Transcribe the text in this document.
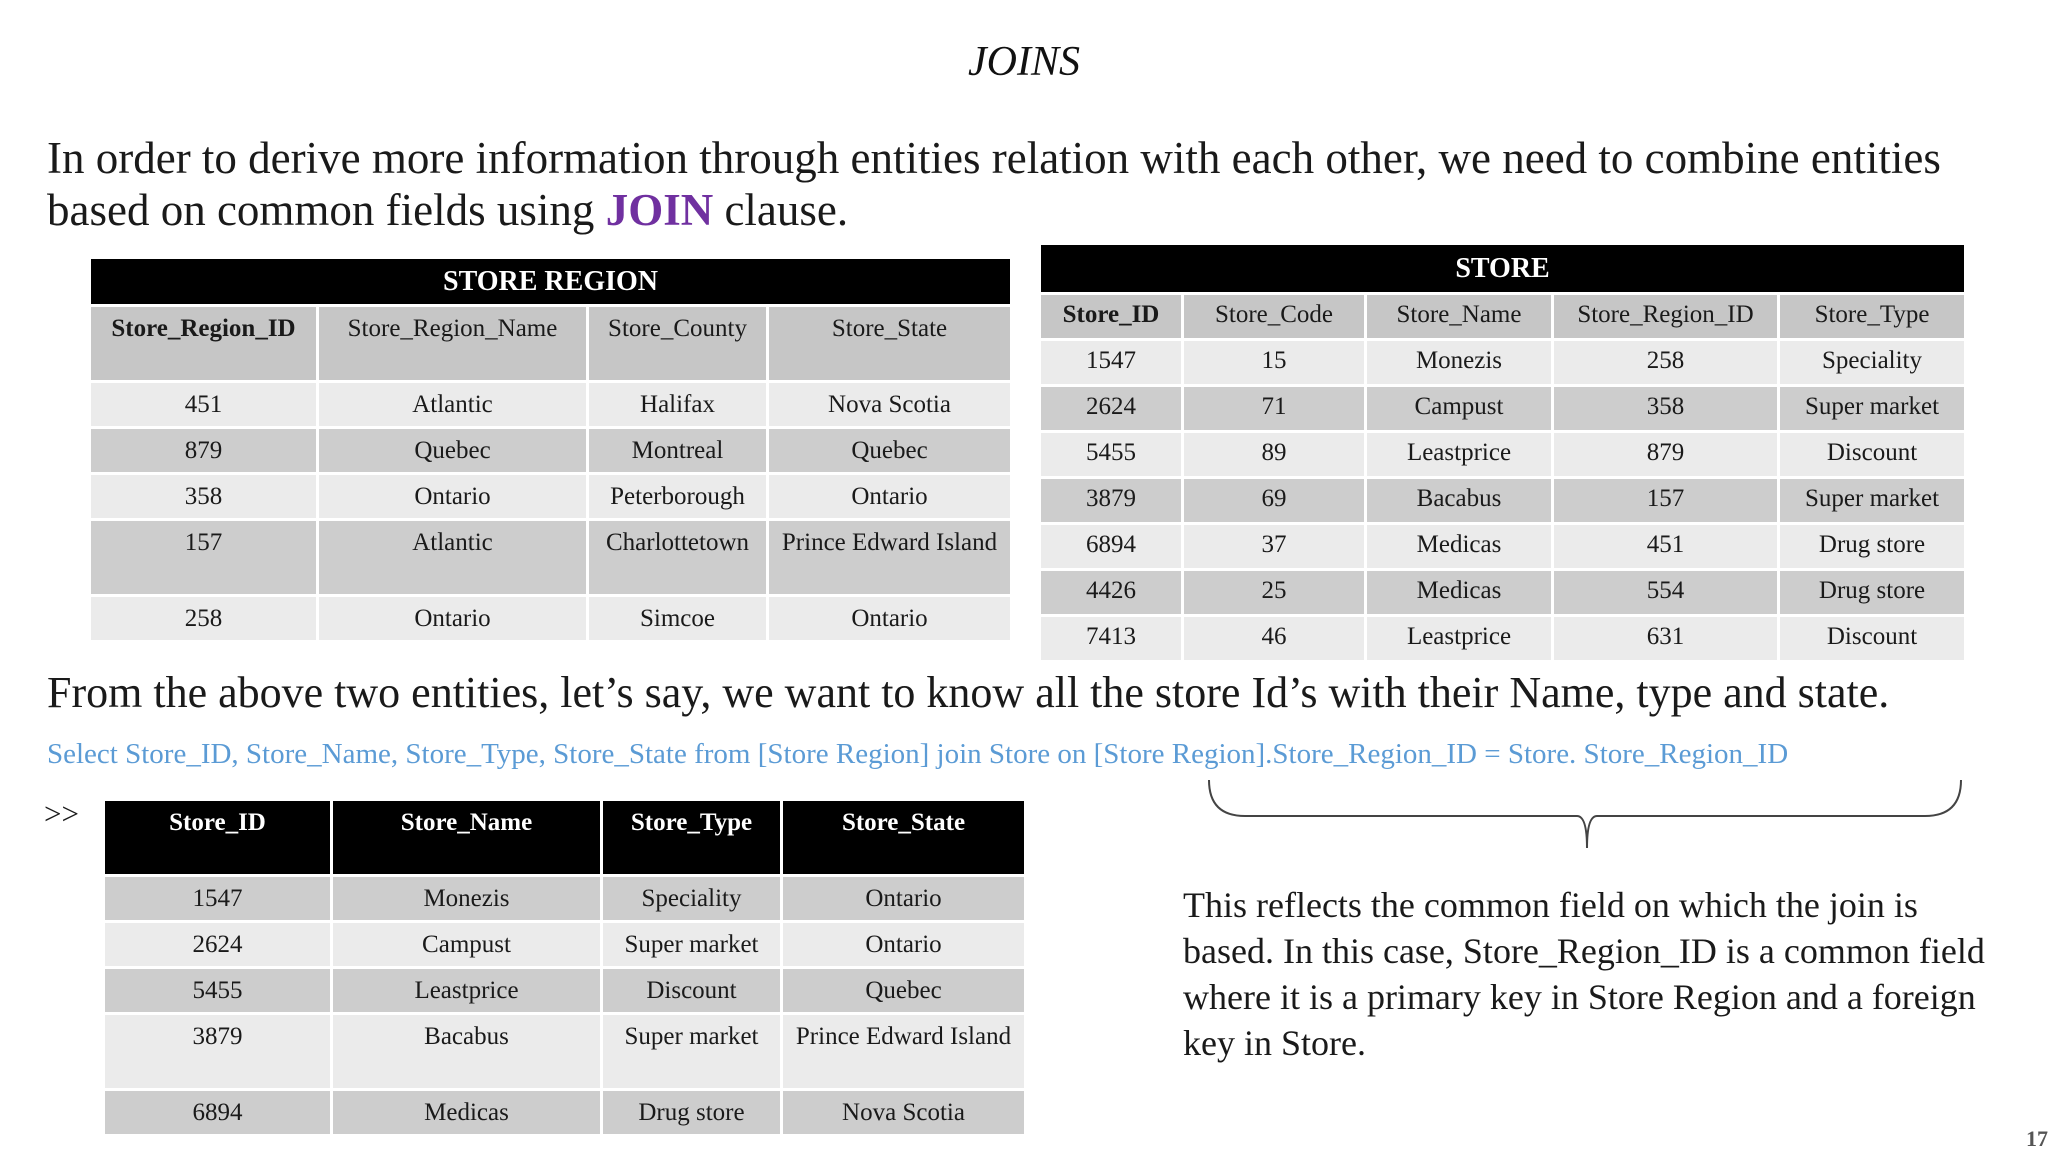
JOINS
In order to derive more information through entities relation with each other, we need to combine entities based on common fields using JOIN clause.
STORE REGION			
Store_Region_ID	Store_Region_Name	Store_County	Store_State
451	Atlantic	Halifax	Nova Scotia
879	Quebec	Montreal	Quebec
358	Ontario	Peterborough	Ontario
157	Atlantic	Charlottetown	Prince Edward Island
258	Ontario	Simcoe	Ontario
STORE				
Store_ID	Store_Code	Store_Name	Store_Region_ID	Store_Type
1547	15	Monezis	258	Speciality
2624	71	Campust	358	Super market
5455	89	Leastprice	879	Discount
3879	69	Bacabus	157	Super market
6894	37	Medicas	451	Drug store
4426	25	Medicas	554	Drug store
7413	46	Leastprice	631	Discount
From the above two entities, let’s say, we want to know all the store Id’s with their Name, type and state.
Select Store_ID, Store_Name, Store_Type, Store_State from [Store Region] join Store on [Store Region].Store_Region_ID = Store. Store_Region_ID
>>	Store_ID	Store_Name	Store_Type	Store_State
1547	Monezis	Speciality	Ontario
2624	Campust	Super market	Ontario
5455	Leastprice	Discount	Quebec
3879	Bacabus	Super market	Prince Edward Island
6894	Medicas	Drug store	Nova Scotia
This reflects the common field on which the join is based. In this case, Store_Region_ID is a common field where it is a primary key in Store Region and a foreign key in Store.
17
